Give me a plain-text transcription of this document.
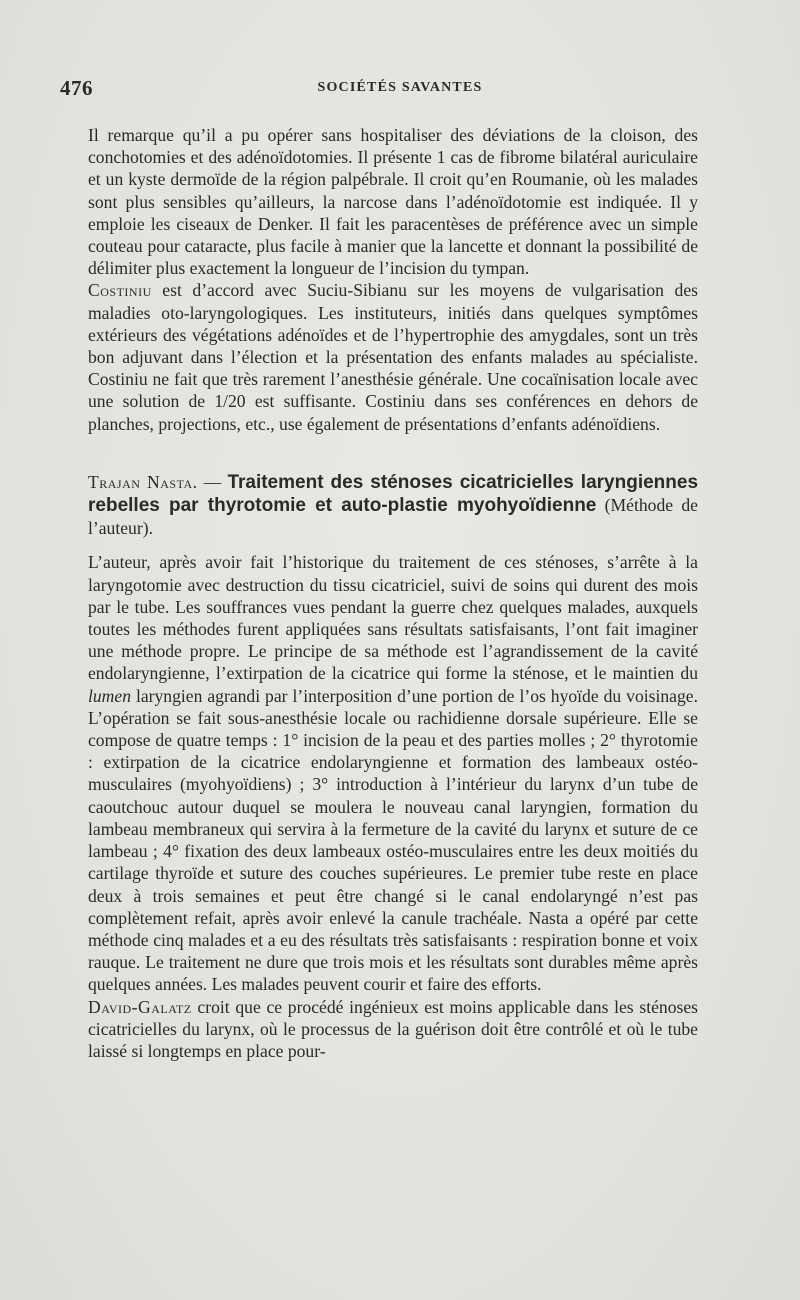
476	SOCIÉTÉS SAVANTES

Il remarque qu’il a pu opérer sans hospitaliser des déviations de la cloison, des conchotomies et des adénoïdotomies. Il présente 1 cas de fibrome bilatéral auriculaire et un kyste dermoïde de la région palpébrale. Il croit qu’en Roumanie, où les malades sont plus sensibles qu’ailleurs, la narcose dans l’adénoïdotomie est indiquée. Il y emploie les ciseaux de Denker. Il fait les paracentèses de préférence avec un simple couteau pour cataracte, plus facile à manier que la lancette et donnant la possibilité de délimiter plus exactement la longueur de l’incision du tympan.

Costiniu est d’accord avec Suciu-Sibianu sur les moyens de vulgarisation des maladies oto-laryngologiques. Les instituteurs, initiés dans quelques symptômes extérieurs des végétations adénoïdes et de l’hypertrophie des amygdales, sont un très bon adjuvant dans l’élection et la présentation des enfants malades au spécialiste. Costiniu ne fait que très rarement l’anesthésie générale. Une cocaïnisation locale avec une solution de 1/20 est suffisante. Costiniu dans ses conférences en dehors de planches, projections, etc., use également de présentations d’enfants adénoïdiens.

Trajan Nasta. — Traitement des sténoses cicatricielles laryngiennes rebelles par thyrotomie et auto-plastie myohyoïdienne (Méthode de l’auteur).

L’auteur, après avoir fait l’historique du traitement de ces sténoses, s’arrête à la laryngotomie avec destruction du tissu cicatriciel, suivi de soins qui durent des mois par le tube. Les souffrances vues pendant la guerre chez quelques malades, auxquels toutes les méthodes furent appliquées sans résultats satisfaisants, l’ont fait imaginer une méthode propre. Le principe de sa méthode est l’agrandissement de la cavité endolaryngienne, l’extirpation de la cicatrice qui forme la sténose, et le maintien du lumen laryngien agrandi par l’interposition d’une portion de l’os hyoïde du voisinage. L’opération se fait sous-anesthésie locale ou rachidienne dorsale supérieure. Elle se compose de quatre temps : 1° incision de la peau et des parties molles ; 2° thyrotomie : extirpation de la cicatrice endolaryngienne et formation des lambeaux ostéo-musculaires (myohyoïdiens) ; 3° introduction à l’intérieur du larynx d’un tube de caoutchouc autour duquel se moulera le nouveau canal laryngien, formation du lambeau membraneux qui servira à la fermeture de la cavité du larynx et suture de ce lambeau ; 4° fixation des deux lambeaux ostéo-musculaires entre les deux moitiés du cartilage thyroïde et suture des couches supérieures. Le premier tube reste en place deux à trois semaines et peut être changé si le canal endolaryngé n’est pas complètement refait, après avoir enlevé la canule trachéale. Nasta a opéré par cette méthode cinq malades et a eu des résultats très satisfaisants : respiration bonne et voix rauque. Le traitement ne dure que trois mois et les résultats sont durables même après quelques années. Les malades peuvent courir et faire des efforts.

David-Galatz croit que ce procédé ingénieux est moins applicable dans les sténoses cicatricielles du larynx, où le processus de la guérison doit être contrôlé et où le tube laissé si longtemps en place pour-
